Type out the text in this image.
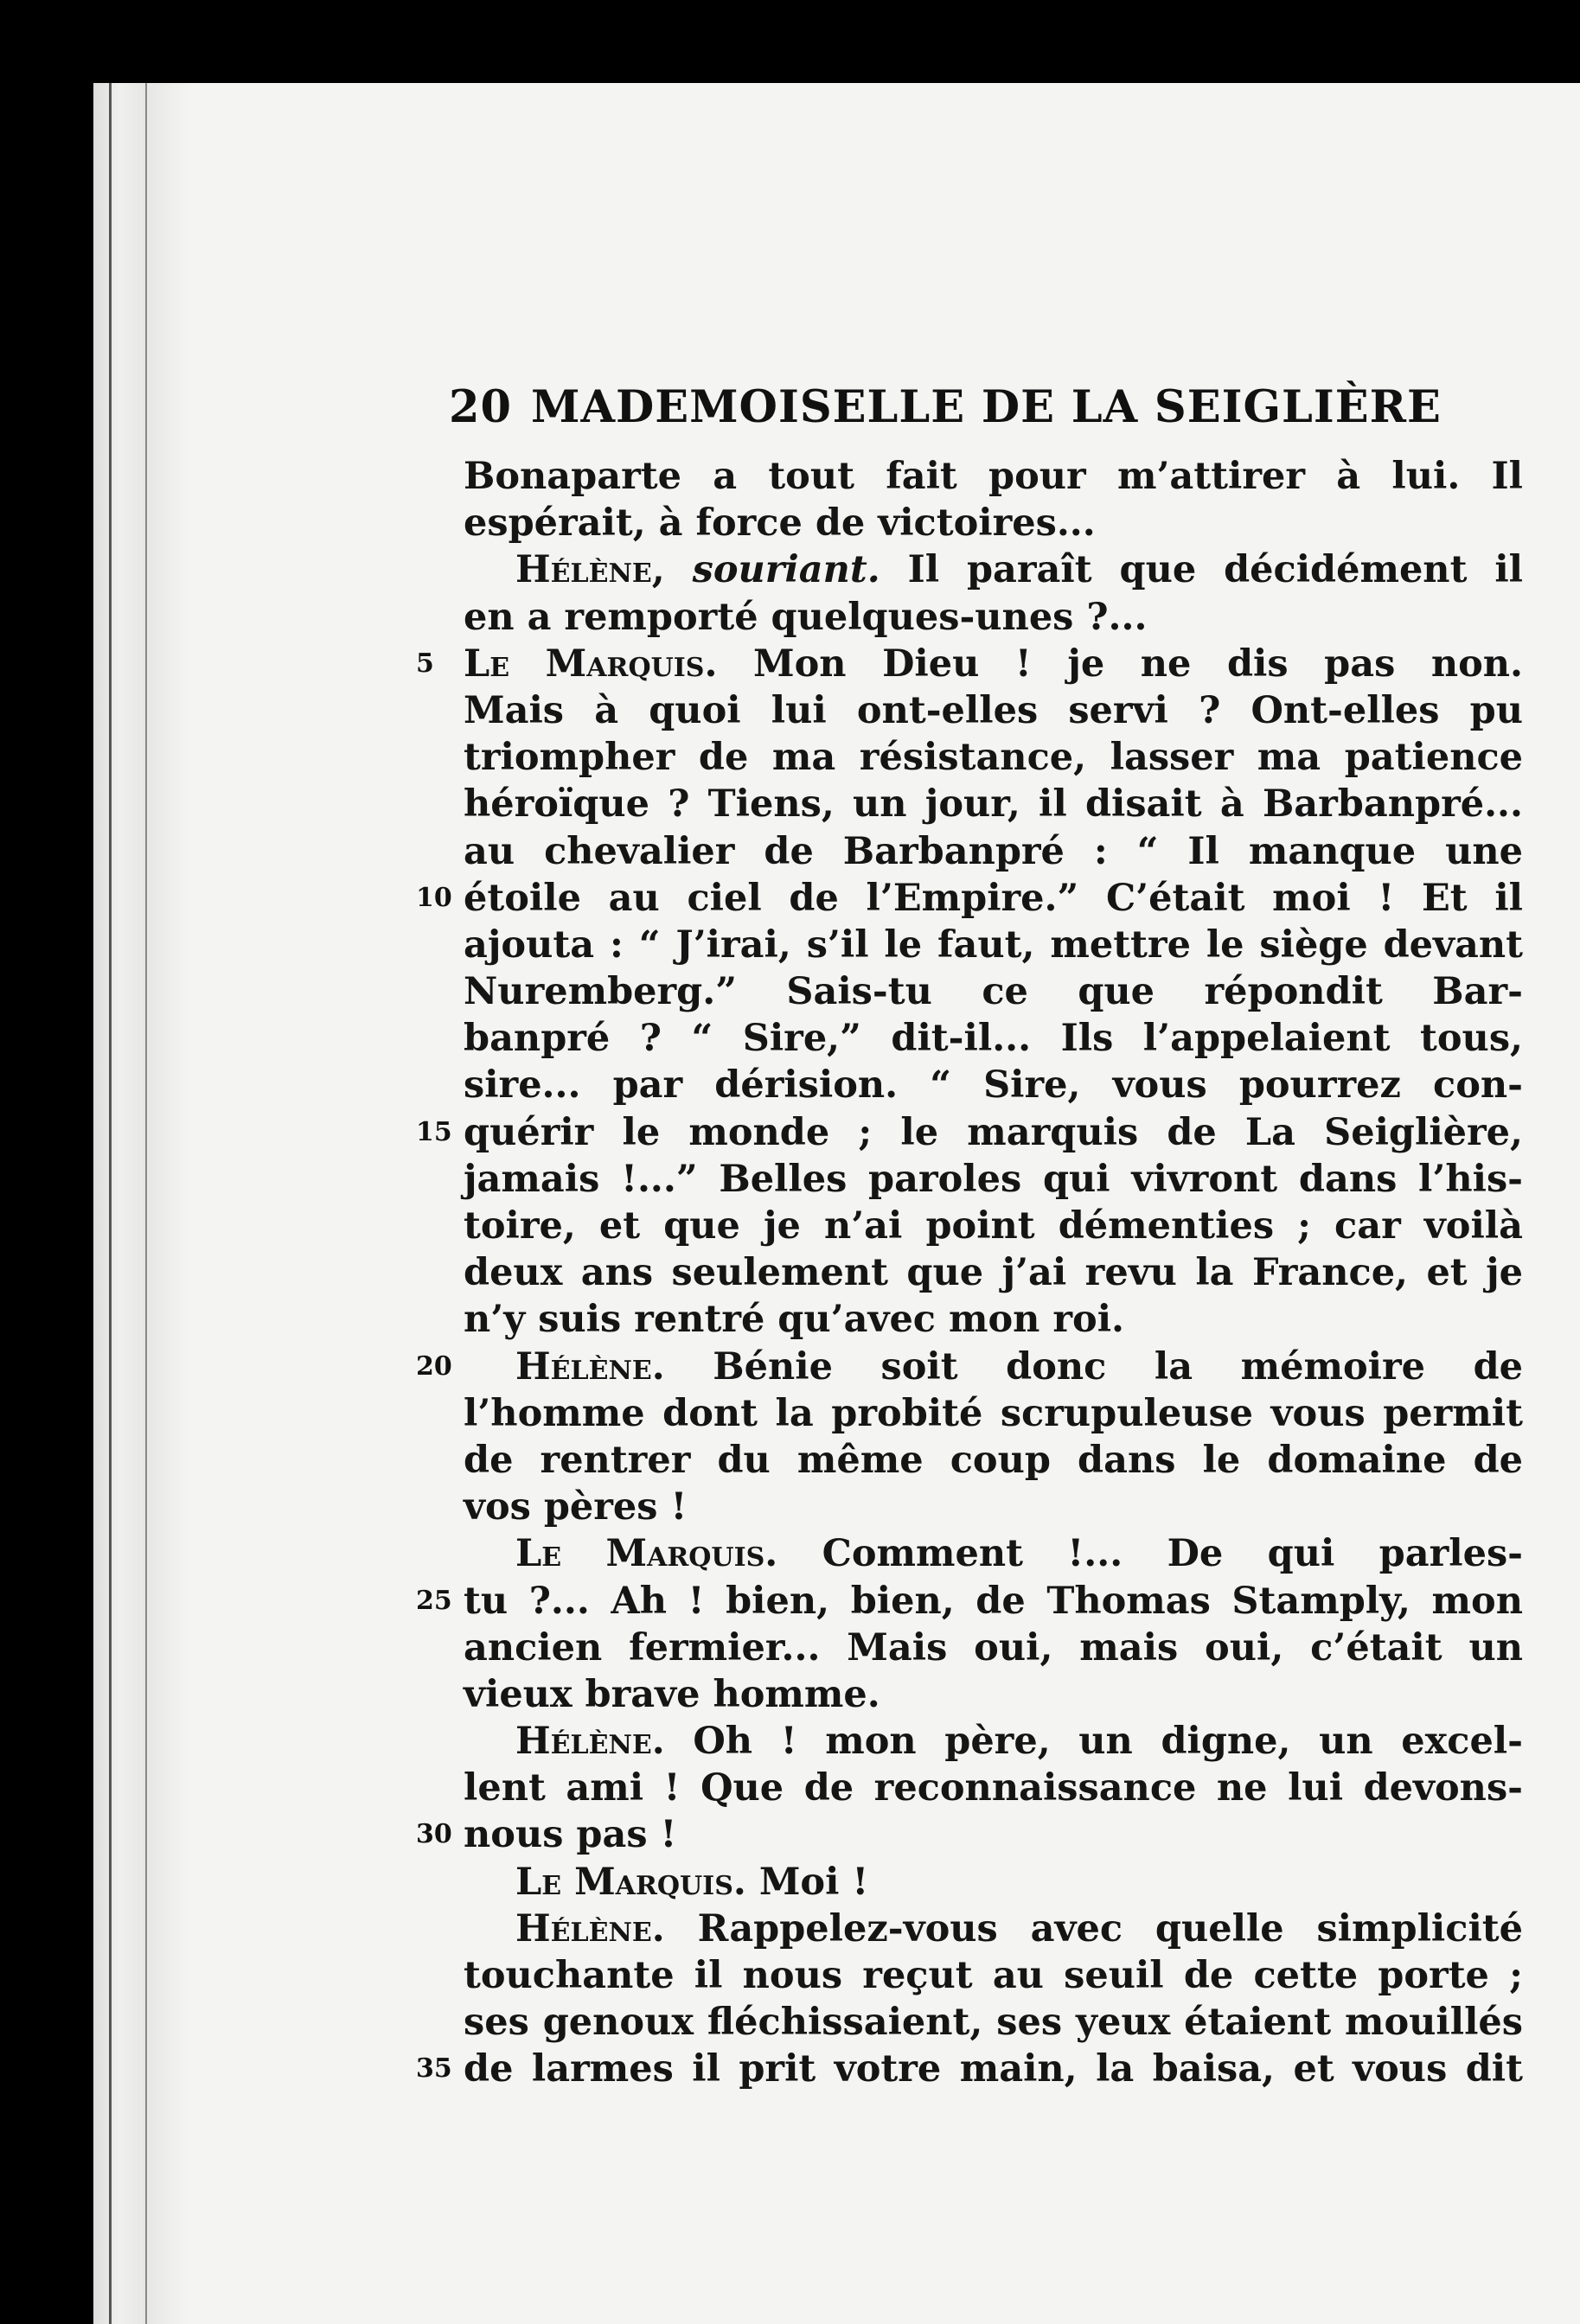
20 MADEMOISELLE DE LA SEIGLIÈRE
Bonaparte a tout fait pour m’attirer à lui. Il
espérait, à force de victoires...
Hélène, souriant. Il paraît que décidément il
en a remporté quelques-unes ?...
5 Le Marquis. Mon Dieu ! je ne dis pas non.
Mais à quoi lui ont-elles servi ? Ont-elles pu
triompher de ma résistance, lasser ma patience
héroïque ? Tiens, un jour, il disait à Barbanpré...
au chevalier de Barbanpré : “ Il manque une
10 étoile au ciel de l’Empire.” C’était moi ! Et il
ajouta : “ J’irai, s’il le faut, mettre le siège devant
Nuremberg.” Sais-tu ce que répondit Bar-
banpré ? “ Sire,” dit-il... Ils l’appelaient tous,
sire... par dérision. “ Sire, vous pourrez con-
15 quérir le monde ; le marquis de La Seiglière,
jamais !...” Belles paroles qui vivront dans l’his-
toire, et que je n’ai point démenties ; car voilà
deux ans seulement que j’ai revu la France, et je
n’y suis rentré qu’avec mon roi.
20 Hélène. Bénie soit donc la mémoire de
l’homme dont la probité scrupuleuse vous permit
de rentrer du même coup dans le domaine de
vos pères !
Le Marquis. Comment !... De qui parles-
25 tu ?... Ah ! bien, bien, de Thomas Stamply, mon
ancien fermier... Mais oui, mais oui, c’était un
vieux brave homme.
Hélène. Oh ! mon père, un digne, un excel-
lent ami ! Que de reconnaissance ne lui devons-
30 nous pas !
Le Marquis. Moi !
Hélène. Rappelez-vous avec quelle simplicité
touchante il nous reçut au seuil de cette porte ;
ses genoux fléchissaient, ses yeux étaient mouillés
35 de larmes il prit votre main, la baisa, et vous dit
